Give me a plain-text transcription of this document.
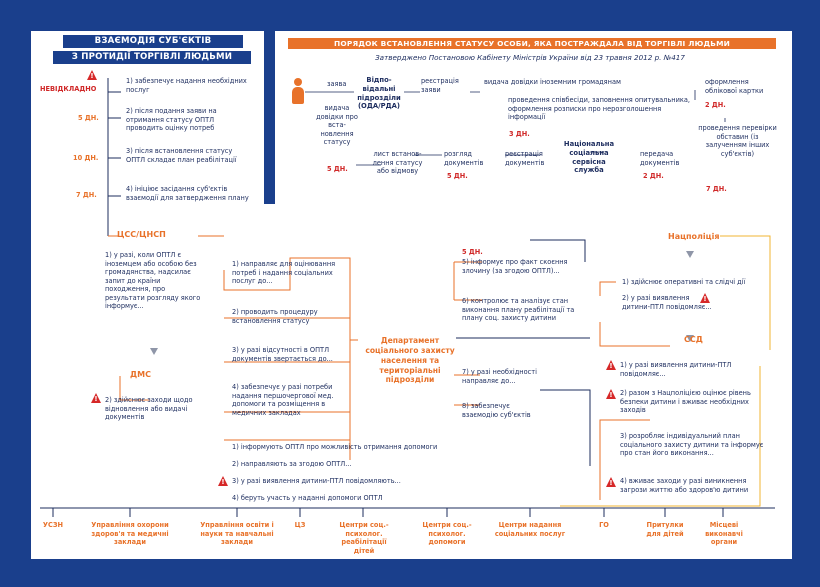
ВЗАЄМОДІЯ СУБ'ЄКТІВ
З ПРОТИДІЇ ТОРГІВЛІ ЛЮДЬМИ
!
НЕВІДКЛАДНО
5 ДН.
10 ДН.
7 ДН.
1) забезпечує надання необхідних послуг
2) після подання заяви на отримання статусу ОПТЛ проводить оцінку потреб
3) після встановлення статусу ОПТЛ складає план реабілітації
4) ініціює засідання суб'єктів взаємодії для затвердження плану
ПОРЯДОК ВСТАНОВЛЕННЯ СТАТУСУ ОСОБИ, ЯКА ПОСТРАЖДАЛА ВІД ТОРГІВЛІ ЛЮДЬМИ
Затверджено Постановою Кабінету Міністрів України від 23 травня 2012 р. №417
заява	Відпо-відальні підрозділи (ОДА/РДА)
реєстрація заяви
видача довідки іноземним громадянам	оформлення облікової картки
2 ДН.
проведення співбесіди, заповнення опитувальника, оформлення розписки про нерозголошення інформації
3 ДН.
проведення перевірки обставин (із залученням інших суб'єктів)
7 ДН.
видача довідки про вста-новлення статусу
5 ДН.
лист встанов-лення статусу або відмову
розгляд документів
5 ДН.
реєстрація документів
Національна соціальна сервісна служба
передача документів
2 ДН.
ЦСС/ЦНСП
1) у разі, коли ОПТЛ є іноземцем або особою без громадянства, надсилає запит до країни походження, про результати розгляду якого інформує...
ДМС
!
2) здійснює заходи щодо відновлення або видачі документів
1) направляє для оцінювання потреб і надання соціальних послуг до...
2) проводить процедуру встановлення статусу
3) у разі відсутності в ОПТЛ документів звертається до...
4) забезпечує у разі потреби надання першочергової мед. допомоги та розміщення в медичних закладах
Департамент соціального захисту населення та територіальні підрозділи
5 ДН.
5) інформує про факт скоєння злочину (за згодою ОПТЛ)...
6) контролює та аналізує стан виконання плану реабілітації та плану соц. захисту дитини
7) у разі необхідності направляє до...
8) забезпечує взаємодію суб'єктів
1) інформують ОПТЛ про можливість отримання допомоги
2) направляють за згодою ОПТЛ...
!
3) у разі виявлення дитини-ПТЛ повідомляють...
4) беруть участь у наданні допомоги ОПТЛ
Нацполіція
1) здійснює оперативні та слідчі дії
2) у разі виявлення дитини-ПТЛ повідомляє...
!
ССД
!
1) у разі виявлення дитини-ПТЛ повідомляє...
!
2) разом з Нацполіцією оцінює рівень безпеки дитини і вживає необхідних заходів
3) розробляє індивідуальний план соціального захисту дитини та інформує про стан його виконання...
!
4) вживає заходи у разі виникнення загрози життю або здоров'ю дитини
УСЗН	Управління охорони здоров'я та медичні заклади
Управління освіти і науки та навчальні заклади
ЦЗ	Центри соц.-психолог. реабілітації дітей
Центри соц.-психолог. допомоги
Центри надання соціальних послуг
ГО	Притулки для дітей
Місцеві виконавчі органи
